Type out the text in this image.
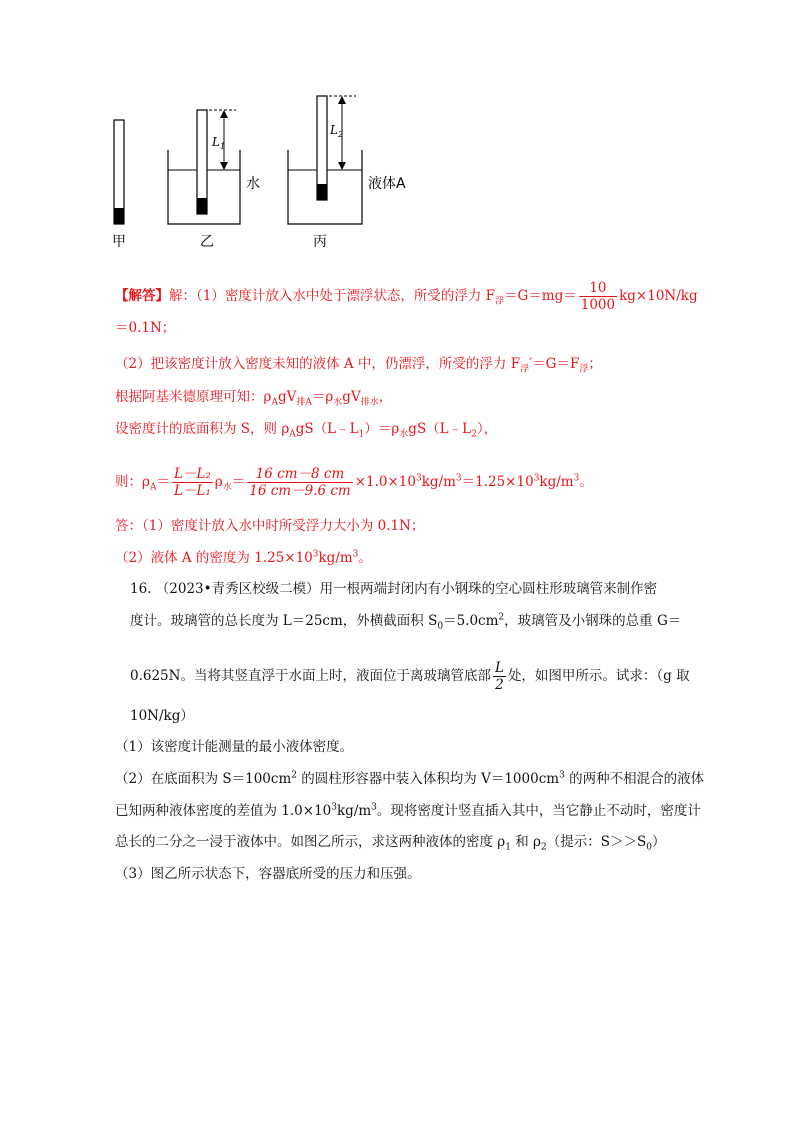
甲
$L_1$
水
乙
$L_2$
液体A
丙
【解答】解：（1）密度计放入水中处于漂浮状态，所受的浮力 $F_浮=G=mg= \frac{10}{1000} kg\times 10N/kg$
＝0.1N；
（2）把该密度计放入密度未知的液体 A 中，仍漂浮，所受的浮力 $F_浮'=G=F_浮$；
根据阿基米德原理可知：$\rho_AgV_{排A}=\rho_水gV_{排水}$，
设密度计的底面积为 S，则 $\rho_AgS(L﹣L_1)=\rho_水gS(L﹣L_2)$，
则：$\rho_A= \frac{\text{L－L₂}}{\text{L－L₁}} \rho_水= \frac{16 cm-8 cm}{16 cm-9.6 cm} \times 1.0\times 10^3kg/m^3=1.25\times 10^3kg/m^3$。
答：（1）密度计放入水中时所受浮力大小为 0.1N；
（2）液体 A 的密度为 $1.25\times 10^3kg/m^3$。
16. （2023•青秀区校级二模）用一根两端封闭内有小钢珠的空心圆柱形玻璃管来制作密
度计。玻璃管的总长度为 L＝25cm，外横截面积 $S_0=5.0cm^2$，玻璃管及小钢珠的总重 G＝
0.625N。当将其竖直浮于水面上时，液面位于离玻璃管底部 $\frac{L}{2}$ 处，如图甲所示。试求：（g 取
10N/kg）
（1）该密度计能测量的最小液体密度。
（2）在底面积为 $S=100cm^2$ 的圆柱形容器中装入体积均为 $V=1000cm^3$ 的两种不相混合的液体
已知两种液体密度的差值为 $1.0\times 10^3kg/m^3$。现将密度计竖直插入其中，当它静止不动时，密度计
总长的二分之一浸于液体中。如图乙所示，求这两种液体的密度 $\rho_1$ 和 $\rho_2$（提示：$S>>S_0$）
（3）图乙所示状态下，容器底所受的压力和压强。
